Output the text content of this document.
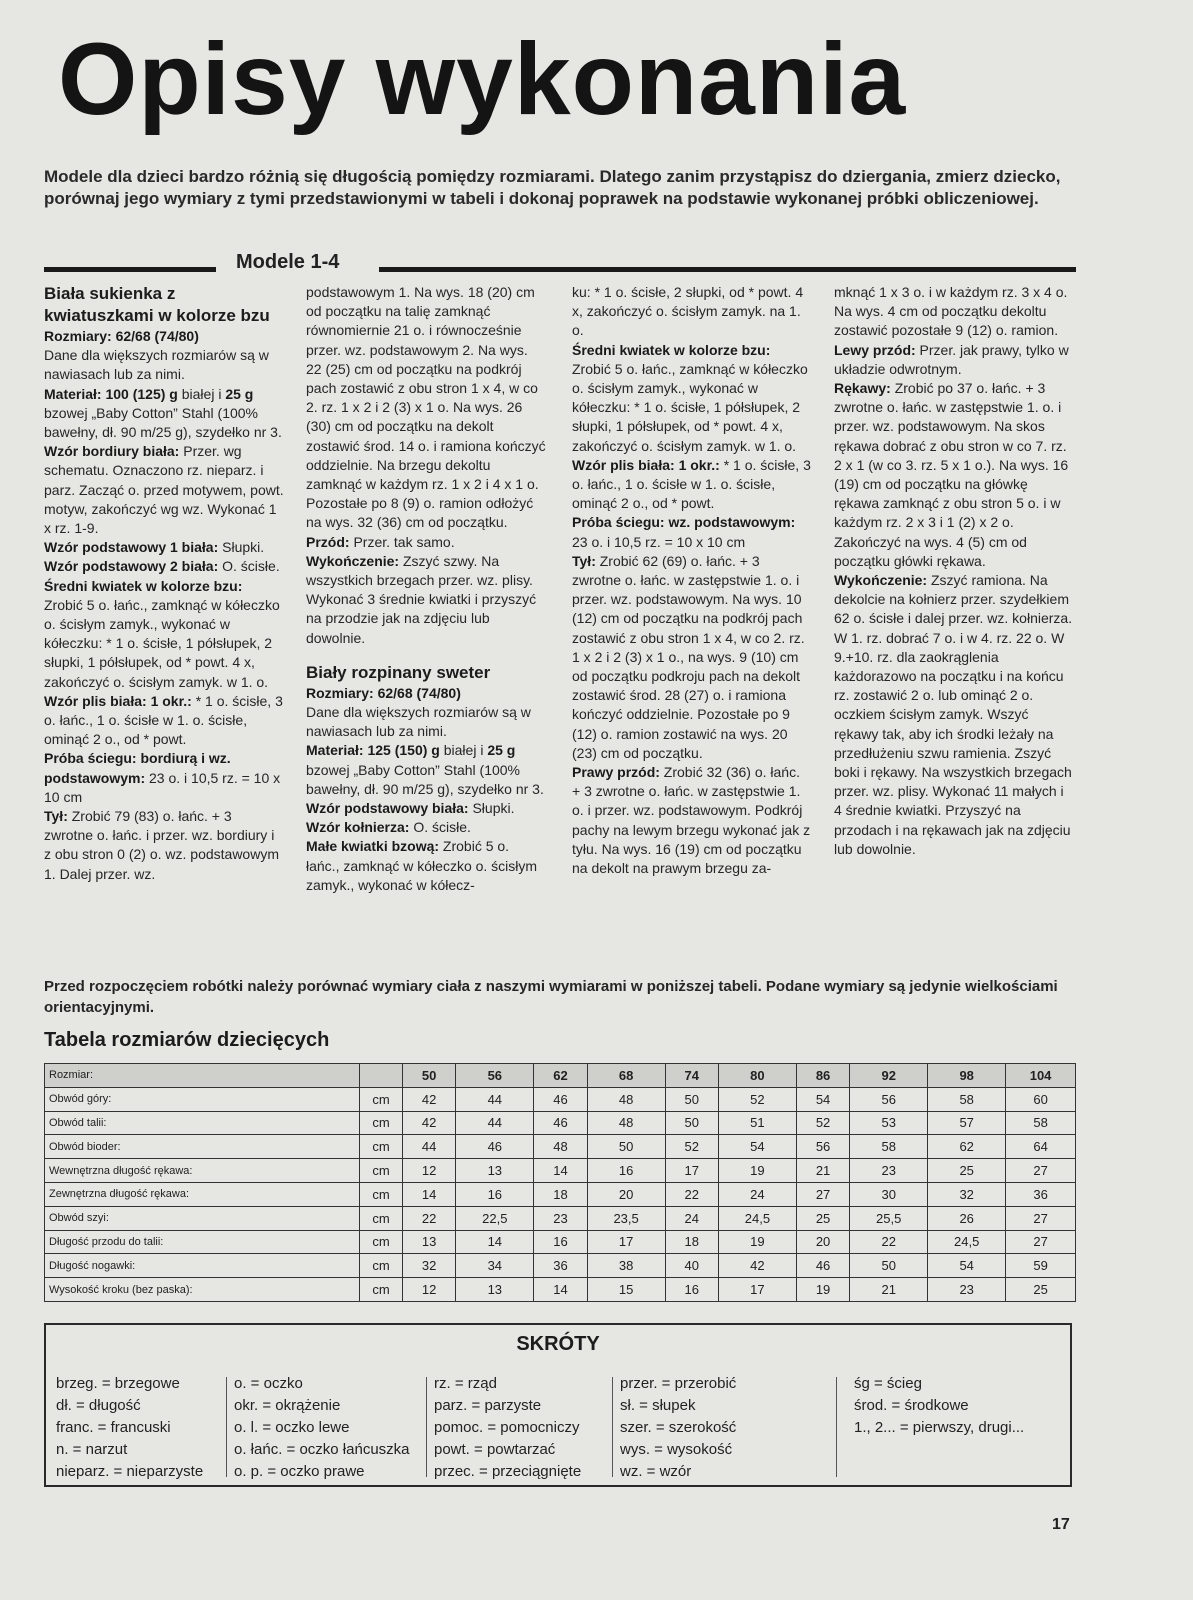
Opisy wykonania
Modele dla dzieci bardzo różnią się długością pomiędzy rozmiarami. Dlatego zanim przystąpisz do dziergania, zmierz dziecko, porównaj jego wymiary z tymi przedstawionymi w tabeli i dokonaj poprawek na podstawie wykonanej próbki obliczeniowej.
Modele 1-4

Biała sukienka z kwiatuszkami w kolorze bzu

Rozmiary: 62/68 (74/80)

Dane dla większych rozmiarów są w nawiasach lub za nimi.

Materiał: 100 (125) g białej i 25 g bzowej „Baby Cotton” Stahl (100% bawełny, dł. 90 m/25 g), szydełko nr 3.

Wzór bordiury biała: Przer. wg schematu. Oznaczono rz. nieparz. i parz. Zacząć o. przed motywem, powt. motyw, zakończyć wg wz. Wykonać 1 x rz. 1-9.

Wzór podstawowy 1 biała: Słupki.

Wzór podstawowy 2 biała: O. ścisłe.

Średni kwiatek w kolorze bzu: Zrobić 5 o. łańc., zamknąć w kółeczko o. ścisłym zamyk., wykonać w kółeczku: * 1 o. ścisłe, 1 półsłupek, 2 słupki, 1 półsłupek, od * powt. 4 x, zakończyć o. ścisłym zamyk. w 1. o.

Wzór plis biała: 1 okr.: * 1 o. ścisłe, 3 o. łańc., 1 o. ścisłe w 1. o. ścisłe, ominąć 2 o., od * powt.

Próba ściegu: bordiurą i wz. podstawowym: 23 o. i 10,5 rz. = 10 x 10 cm

Tył: Zrobić 79 (83) o. łańc. + 3 zwrotne o. łańc. i przer. wz. bordiury i z obu stron 0 (2) o. wz. podstawowym 1. Dalej przer. wz.

podstawowym 1. Na wys. 18 (20) cm od początku na talię zamknąć równomiernie 21 o. i równocześnie przer. wz. podstawowym 2. Na wys. 22 (25) cm od początku na podkrój pach zostawić z obu stron 1 x 4, w co 2. rz. 1 x 2 i 2 (3) x 1 o. Na wys. 26 (30) cm od początku na dekolt zostawić środ. 14 o. i ramiona kończyć oddzielnie. Na brzegu dekoltu zamknąć w każdym rz. 1 x 2 i 4 x 1 o. Pozostałe po 8 (9) o. ramion odłożyć na wys. 32 (36) cm od początku.

Przód: Przer. tak samo.

Wykończenie: Zszyć szwy. Na wszystkich brzegach przer. wz. plisy. Wykonać 3 średnie kwiatki i przyszyć na przodzie jak na zdjęciu lub dowolnie.

Biały rozpinany sweter

Rozmiary: 62/68 (74/80)

Dane dla większych rozmiarów są w nawiasach lub za nimi.

Materiał: 125 (150) g białej i 25 g bzowej „Baby Cotton” Stahl (100% bawełny, dł. 90 m/25 g), szydełko nr 3.

Wzór podstawowy biała: Słupki.

Wzór kołnierza: O. ścisłe.

Małe kwiatki bzową: Zrobić 5 o. łańc., zamknąć w kółeczko o. ścisłym zamyk., wykonać w kółecz-

ku: * 1 o. ścisłe, 2 słupki, od * powt. 4 x, zakończyć o. ścisłym zamyk. na 1. o.

Średni kwiatek w kolorze bzu: Zrobić 5 o. łańc., zamknąć w kółeczko o. ścisłym zamyk., wykonać w kółeczku: * 1 o. ścisłe, 1 półsłupek, 2 słupki, 1 półsłupek, od * powt. 4 x, zakończyć o. ścisłym zamyk. w 1. o.

Wzór plis biała: 1 okr.: * 1 o. ścisłe, 3 o. łańc., 1 o. ścisłe w 1. o. ścisłe, ominąć 2 o., od * powt.

Próba ściegu: wz. podstawowym: 23 o. i 10,5 rz. = 10 x 10 cm

Tył: Zrobić 62 (69) o. łańc. + 3 zwrotne o. łańc. w zastępstwie 1. o. i przer. wz. podstawowym. Na wys. 10 (12) cm od początku na podkrój pach zostawić z obu stron 1 x 4, w co 2. rz. 1 x 2 i 2 (3) x 1 o., na wys. 9 (10) cm od początku podkroju pach na dekolt zostawić środ. 28 (27) o. i ramiona kończyć oddzielnie. Pozostałe po 9 (12) o. ramion zostawić na wys. 20 (23) cm od początku.

Prawy przód: Zrobić 32 (36) o. łańc. + 3 zwrotne o. łańc. w zastępstwie 1. o. i przer. wz. podstawowym. Podkrój pachy na lewym brzegu wykonać jak z tyłu. Na wys. 16 (19) cm od początku na dekolt na prawym brzegu za-

mknąć 1 x 3 o. i w każdym rz. 3 x 4 o. Na wys. 4 cm od początku dekoltu zostawić pozostałe 9 (12) o. ramion.

Lewy przód: Przer. jak prawy, tylko w układzie odwrotnym.

Rękawy: Zrobić po 37 o. łańc. + 3 zwrotne o. łańc. w zastępstwie 1. o. i przer. wz. podstawowym. Na skos rękawa dobrać z obu stron w co 7. rz. 2 x 1 (w co 3. rz. 5 x 1 o.). Na wys. 16 (19) cm od początku na główkę rękawa zamknąć z obu stron 5 o. i w każdym rz. 2 x 3 i 1 (2) x 2 o. Zakończyć na wys. 4 (5) cm od początku główki rękawa.

Wykończenie: Zszyć ramiona. Na dekolcie na kołnierz przer. szydełkiem 62 o. ścisłe i dalej przer. wz. kołnierza. W 1. rz. dobrać 7 o. i w 4. rz. 22 o. W 9.+10. rz. dla zaokrąglenia każdorazowo na początku i na końcu rz. zostawić 2 o. lub ominąć 2 o. oczkiem ścisłym zamyk. Wszyć rękawy tak, aby ich środki leżały na przedłużeniu szwu ramienia. Zszyć boki i rękawy. Na wszystkich brzegach przer. wz. plisy. Wykonać 11 małych i 4 średnie kwiatki. Przyszyć na przodach i na rękawach jak na zdjęciu lub dowolnie.

Przed rozpoczęciem robótki należy porównać wymiary ciała z naszymi wymiarami w poniższej tabeli. Podane wymiary są jedynie wielkościami orientacyjnymi.
Tabela rozmiarów dziecięcych
Rozmiar:		50	56	62	68	74	80	86	92	98	104
Obwód góry:	cm	42	44	46	48	50	52	54	56	58	60
Obwód talii:	cm	42	44	46	48	50	51	52	53	57	58
Obwód bioder:	cm	44	46	48	50	52	54	56	58	62	64
Wewnętrzna długość rękawa:	cm	12	13	14	16	17	19	21	23	25	27
Zewnętrzna długość rękawa:	cm	14	16	18	20	22	24	27	30	32	36
Obwód szyi:	cm	22	22,5	23	23,5	24	24,5	25	25,5	26	27
Długość przodu do talii:	cm	13	14	16	17	18	19	20	22	24,5	27
Długość nogawki:	cm	32	34	36	38	40	42	46	50	54	59
Wysokość kroku (bez paska):	cm	12	13	14	15	16	17	19	21	23	25
SKRÓTY
brzeg. = brzegowe
dł. = długość
franc. = francuski
n. = narzut
nieparz. = nieparzyste
o. = oczko
okr. = okrążenie
o. l. = oczko lewe
o. łańc. = oczko łańcuszka
o. p. = oczko prawe
rz. = rząd
parz. = parzyste
pomoc. = pomocniczy
powt. = powtarzać
przec. = przeciągnięte
przer. = przerobić
sł. = słupek
szer. = szerokość
wys. = wysokość
wz. = wzór
śg = ścieg
środ. = środkowe
1., 2... = pierwszy, drugi...
17
